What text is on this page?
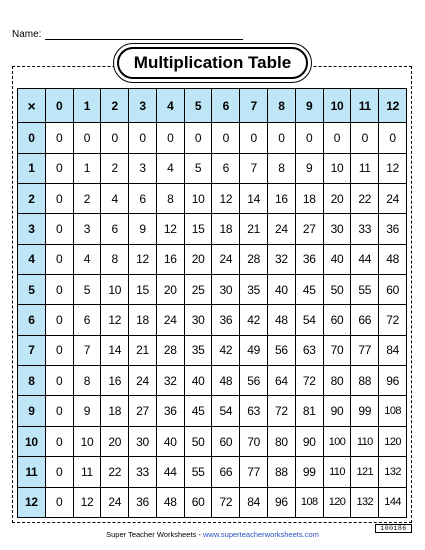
Name:
Multiplication Table
×	0	1	2	3	4	5	6	7	8	9	10	11	12
0	0	0	0	0	0	0	0	0	0	0	0	0	0
1	0	1	2	3	4	5	6	7	8	9	10	11	12
2	0	2	4	6	8	10	12	14	16	18	20	22	24
3	0	3	6	9	12	15	18	21	24	27	30	33	36
4	0	4	8	12	16	20	24	28	32	36	40	44	48
5	0	5	10	15	20	25	30	35	40	45	50	55	60
6	0	6	12	18	24	30	36	42	48	54	60	66	72
7	0	7	14	21	28	35	42	49	56	63	70	77	84
8	0	8	16	24	32	40	48	56	64	72	80	88	96
9	0	9	18	27	36	45	54	63	72	81	90	99	108
10	0	10	20	30	40	50	60	70	80	90	100	110	120
11	0	11	22	33	44	55	66	77	88	99	110	121	132
12	0	12	24	36	48	60	72	84	96	108	120	132	144
Super Teacher Worksheets - www.superteacherworksheets.com
100186
